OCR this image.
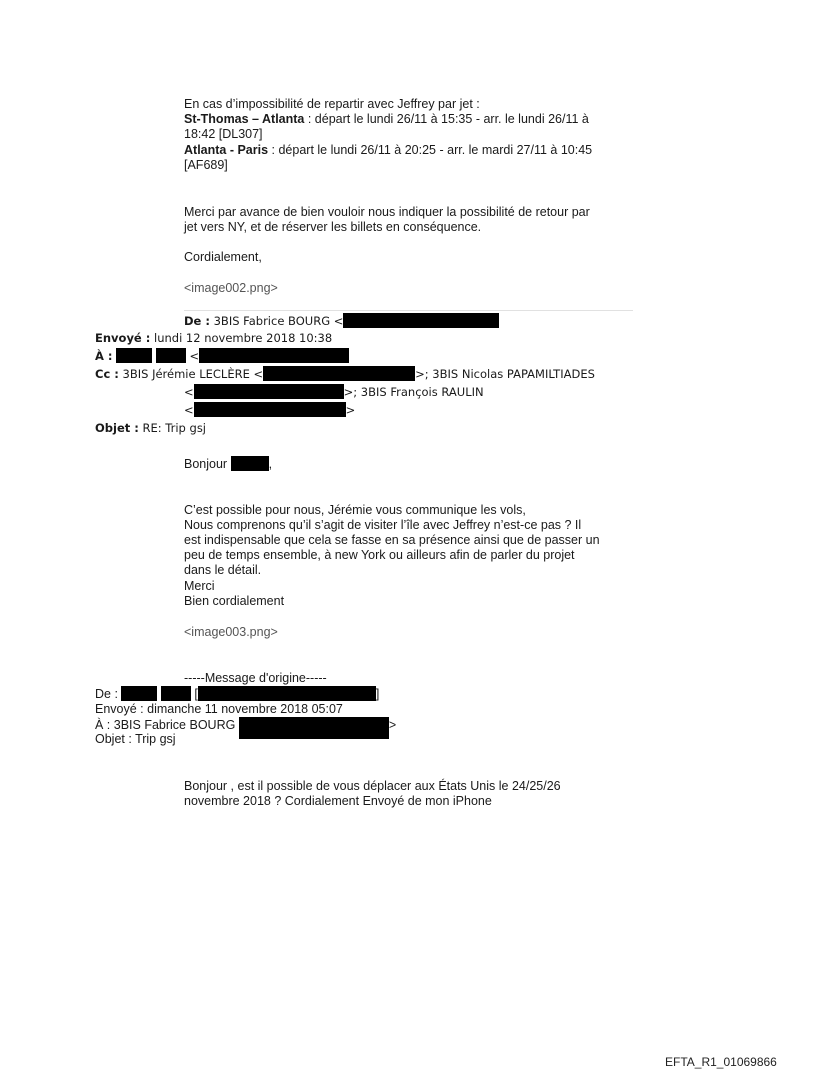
En cas d’impossibilité de repartir avec Jeffrey par jet :
St-Thomas – Atlanta : départ le lundi 26/11 à 15:35 - arr. le lundi 26/11 à
18:42 [DL307]
Atlanta - Paris : départ le lundi 26/11 à 20:25 - arr. le mardi 27/11 à 10:45
[AF689]
Merci par avance de bien vouloir nous indiquer la possibilité de retour par
jet vers NY, et de réserver les billets en conséquence.
Cordialement,
<image002.png>
De : 3BIS Fabrice BOURG <
Envoyé : lundi 12 novembre 2018 10:38
À :	<
Cc : 3BIS Jérémie LECLÈRE <	>; 3BIS Nicolas PAPAMILTIADES
<	>; 3BIS François RAULIN
<	>
Objet : RE: Trip gsj
Bonjour	,
C’est possible pour nous, Jérémie vous communique les vols,
Nous comprenons qu’il s’agit de visiter l’île avec Jeffrey n’est-ce pas ? Il
est indispensable que cela se fasse en sa présence ainsi que de passer un
peu de temps ensemble, à new York ou ailleurs afin de parler du projet
dans le détail.
Merci
Bien cordialement
<image003.png>
-----Message d'origine-----
De :	[	]
Envoyé : dimanche 11 novembre 2018 05:07
À : 3BIS Fabrice BOURG	>
Objet : Trip gsj
Bonjour , est il possible de vous déplacer aux États Unis le 24/25/26
novembre 2018 ? Cordialement Envoyé de mon iPhone
EFTA_R1_01069866
